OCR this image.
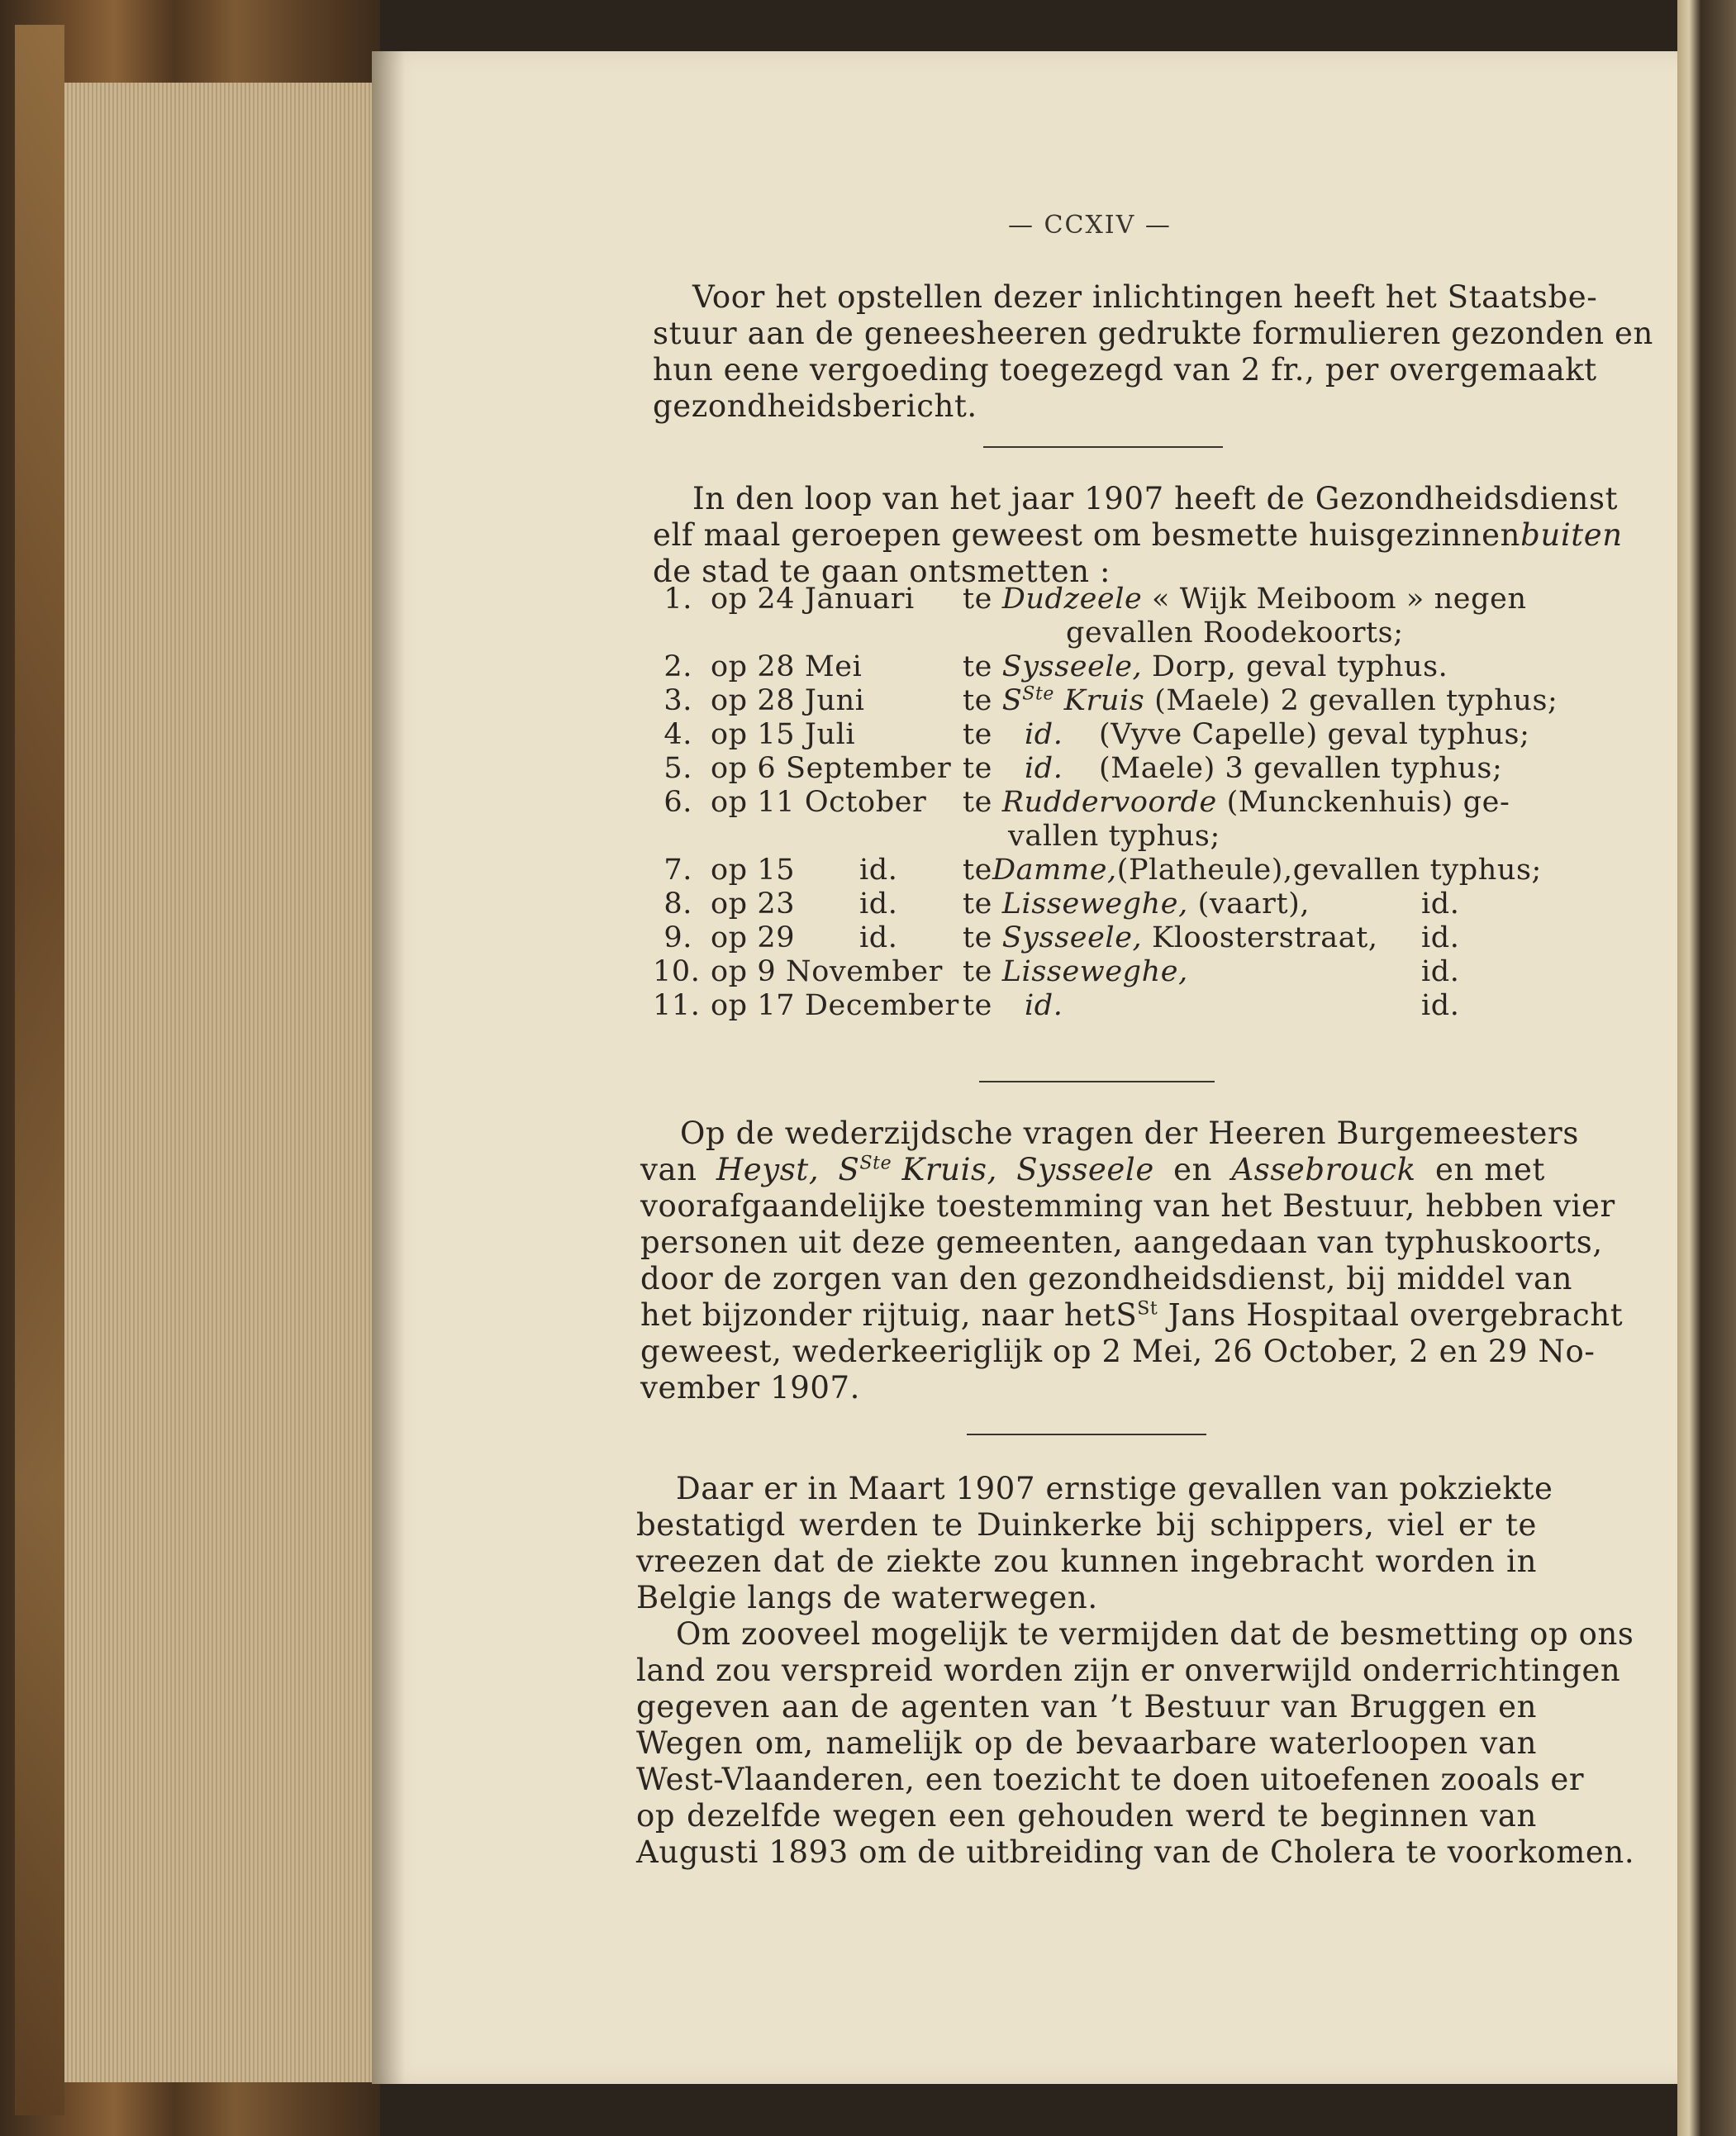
— CCXIV —
Voor het opstellen dezer inlichtingen heeft het Staatsbe-
stuur aan de geneesheeren gedrukte formulieren gezonden en
hun eene vergoeding toegezegd van 2 fr., per overgemaakt
gezondheidsbericht.
In den loop van het jaar 1907 heeft de Gezondheidsdienst
elf maal geroepen geweest om besmette huisgezinnen buiten
de stad te gaan ontsmetten :
1. op 24 Januari te Dudzeele « Wijk Meiboom » negen
gevallen Roodekoorts;
2. op 28 Mei	te Sysseele, Dorp, geval typhus.
3. op 28 Juni	te $S^{Ste}$ Kruis (Maele) 2 gevallen typhus;
4. op 15 Juli	te id. (Vyve Capelle) geval typhus;
5. op 6 September te id. (Maele) 3 gevallen typhus;
6. op 11 October te Ruddervoorde (Munckenhuis) ge-
vallen typhus;
7. op 15 id. teDamme,(Platheule),gevallen typhus;
8. op 23 id. te Lisseweghe, (vaart),	id.
9. op 29 id. te Sysseele, Kloosterstraat, id.
10. op 9 November te Lisseweghe,	id.
11. op 17 December te id.	id.
Op de wederzijdsche vragen der Heeren Burgemeesters
van Heyst, $S^{Ste}$ Kruis, Sysseele en Assebrouck en met
voorafgaandelijke toestemming van het Bestuur, hebben vier
personen uit deze gemeenten, aangedaan van typhuskoorts,
door de zorgen van den gezondheidsdienst, bij middel van
het bijzonder rijtuig, naar het $S^{St}$ Jans Hospitaal overgebracht
geweest, wederkeeriglijk op 2 Mei, 26 October, 2 en 29 No-
vember 1907.
Daar er in Maart 1907 ernstige gevallen van pokziekte
bestatigd werden te Duinkerke bij schippers, viel er te
vreezen dat de ziekte zou kunnen ingebracht worden in
Belgie langs de waterwegen.
Om zooveel mogelijk te vermijden dat de besmetting op ons
land zou verspreid worden zijn er onverwijld onderrichtingen
gegeven aan de agenten van ’t Bestuur van Bruggen en
Wegen om, namelijk op de bevaarbare waterloopen van
West-Vlaanderen, een toezicht te doen uitoefenen zooals er
op dezelfde wegen een gehouden werd te beginnen van
Augusti 1893 om de uitbreiding van de Cholera te voorkomen.
